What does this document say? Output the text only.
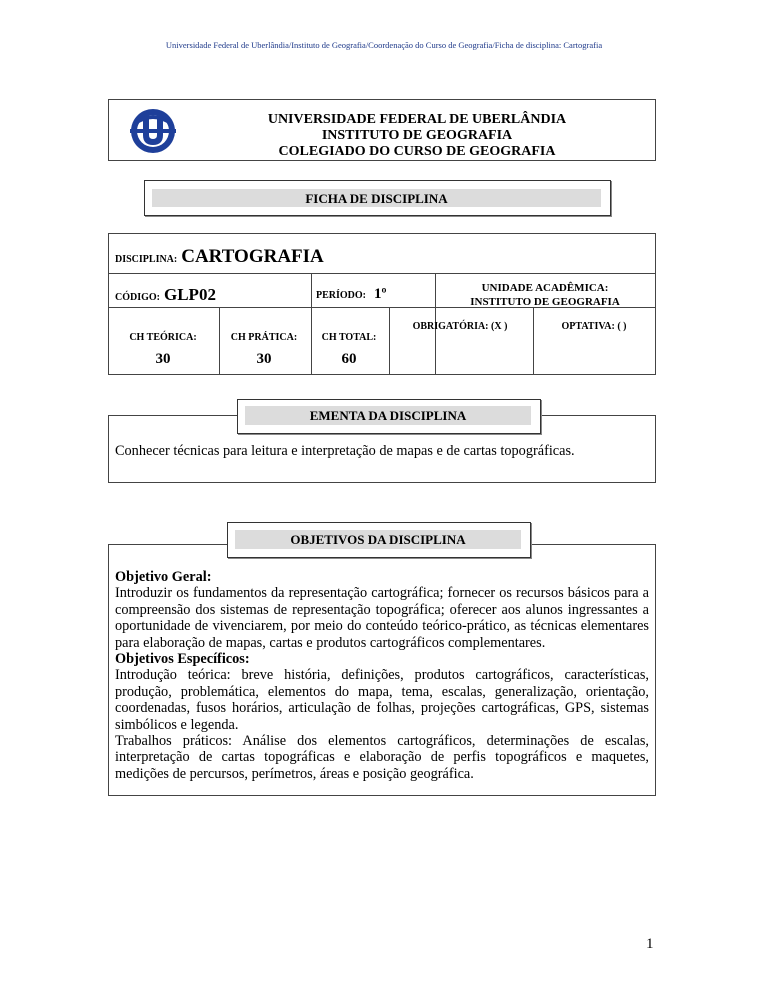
Universidade Federal de Uberlândia/Instituto de Geografia/Coordenação do Curso de Geografia/Ficha de disciplina: Cartografia
UNIVERSIDADE FEDERAL DE UBERLÂNDIA
INSTITUTO DE GEOGRAFIA
COLEGIADO DO CURSO DE GEOGRAFIA
FICHA DE DISCIPLINA
DISCIPLINA: CARTOGRAFIA
CÓDIGO: GLP02	PERÍODO: 1º	UNIDADE ACADÊMICA:
INSTITUTO DE GEOGRAFIA
CH TEÓRICA:
30
CH PRÁTICA:
30
CH TOTAL:
60
OBRIGATÓRIA: (X )	OPTATIVA: ( )
EMENTA DA DISCIPLINA
Conhecer técnicas para leitura e interpretação de mapas e de cartas topográficas.
OBJETIVOS DA DISCIPLINA

Objetivo Geral:

Introduzir os fundamentos da representação cartográfica; fornecer os recursos básicos para a compreensão dos sistemas de representação topográfica; oferecer aos alunos ingressantes a oportunidade de vivenciarem, por meio do conteúdo teórico-prático, as técnicas elementares para elaboração de mapas, cartas e produtos cartográficos complementares.

Objetivos Específicos:

Introdução teórica: breve história, definições, produtos cartográficos, características, produção, problemática, elementos do mapa, tema, escalas, generalização, orientação, coordenadas, fusos horários, articulação de folhas, projeções cartográficas, GPS, sistemas simbólicos e legenda.

Trabalhos práticos: Análise dos elementos cartográficos, determinações de escalas, interpretação de cartas topográficas e elaboração de perfis topográficos e maquetes, medições de percursos, perímetros, áreas e posição geográfica.

1
